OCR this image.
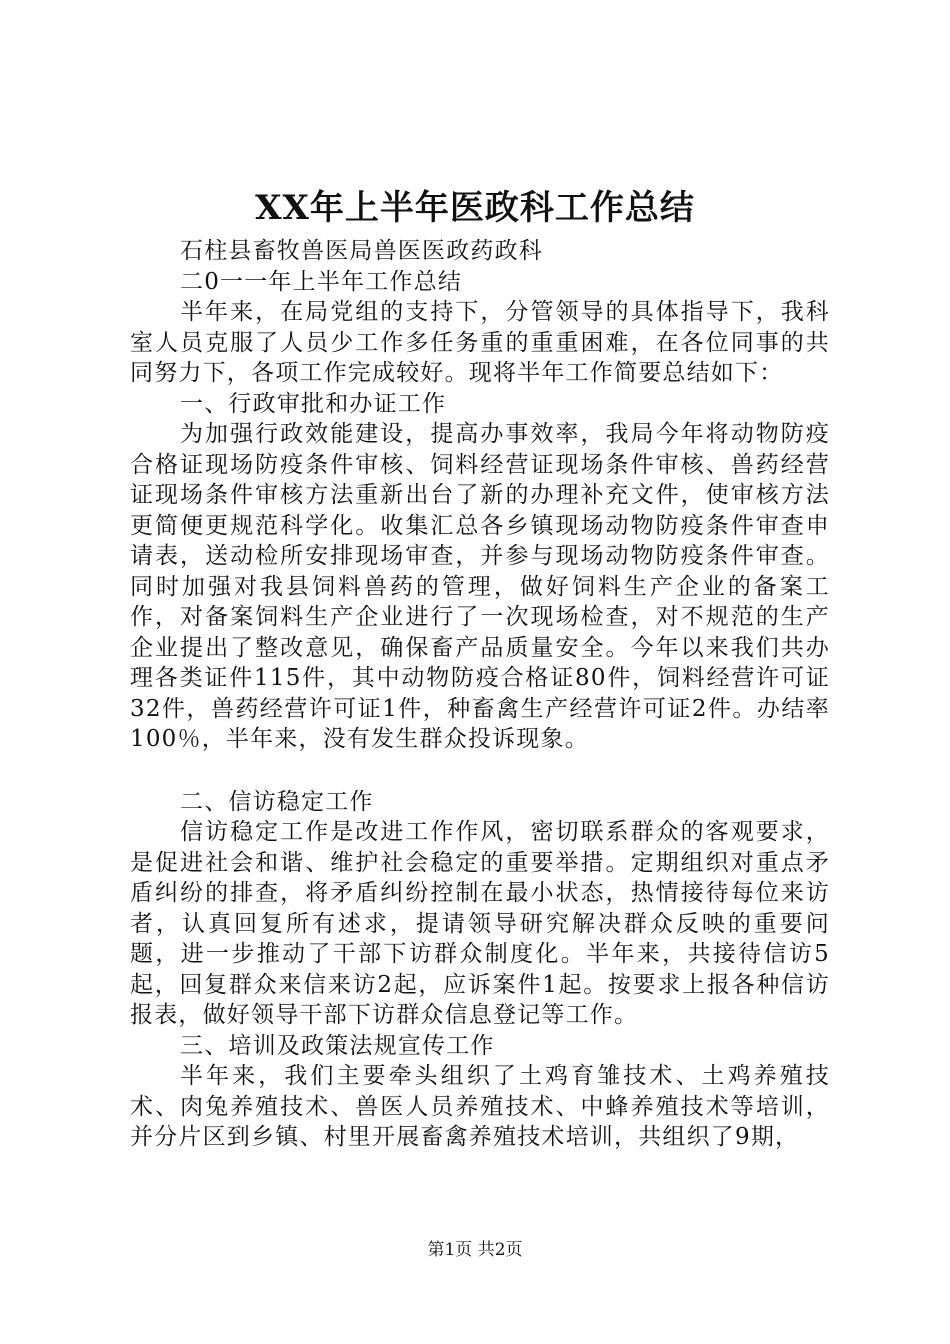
XX年上半年医政科工作总结

石柱县畜牧兽医局兽医医政药政科

二0一一年上半年工作总结

半年来，在局党组的支持下，分管领导的具体指导下，我科室人员克服了人员少工作多任务重的重重困难，在各位同事的共同努力下，各项工作完成较好。现将半年工作简要总结如下：

一、行政审批和办证工作

为加强行政效能建设，提高办事效率，我局今年将动物防疫合格证现场防疫条件审核、饲料经营证现场条件审核、兽药经营证现场条件审核方法重新出台了新的办理补充文件，使审核方法更简便更规范科学化。收集汇总各乡镇现场动物防疫条件审查申请表，送动检所安排现场审查，并参与现场动物防疫条件审查。同时加强对我县饲料兽药的管理，做好饲料生产企业的备案工作，对备案饲料生产企业进行了一次现场检查，对不规范的生产企业提出了整改意见，确保畜产品质量安全。今年以来我们共办理各类证件115件，其中动物防疫合格证80件，饲料经营许可证32件，兽药经营许可证1件，种畜禽生产经营许可证2件。办结率100％，半年来，没有发生群众投诉现象。

二、信访稳定工作

信访稳定工作是改进工作作风，密切联系群众的客观要求，是促进社会和谐、维护社会稳定的重要举措。定期组织对重点矛盾纠纷的排查，将矛盾纠纷控制在最小状态，热情接待每位来访者，认真回复所有述求，提请领导研究解决群众反映的重要问题，进一步推动了干部下访群众制度化。半年来，共接待信访5起，回复群众来信来访2起，应诉案件1起。按要求上报各种信访报表，做好领导干部下访群众信息登记等工作。

三、培训及政策法规宣传工作

半年来，我们主要牵头组织了土鸡育雏技术、土鸡养殖技术、肉兔养殖技术、兽医人员养殖技术、中蜂养殖技术等培训，并分片区到乡镇、村里开展畜禽养殖技术培训，共组织了9期，

第1页 共2页
